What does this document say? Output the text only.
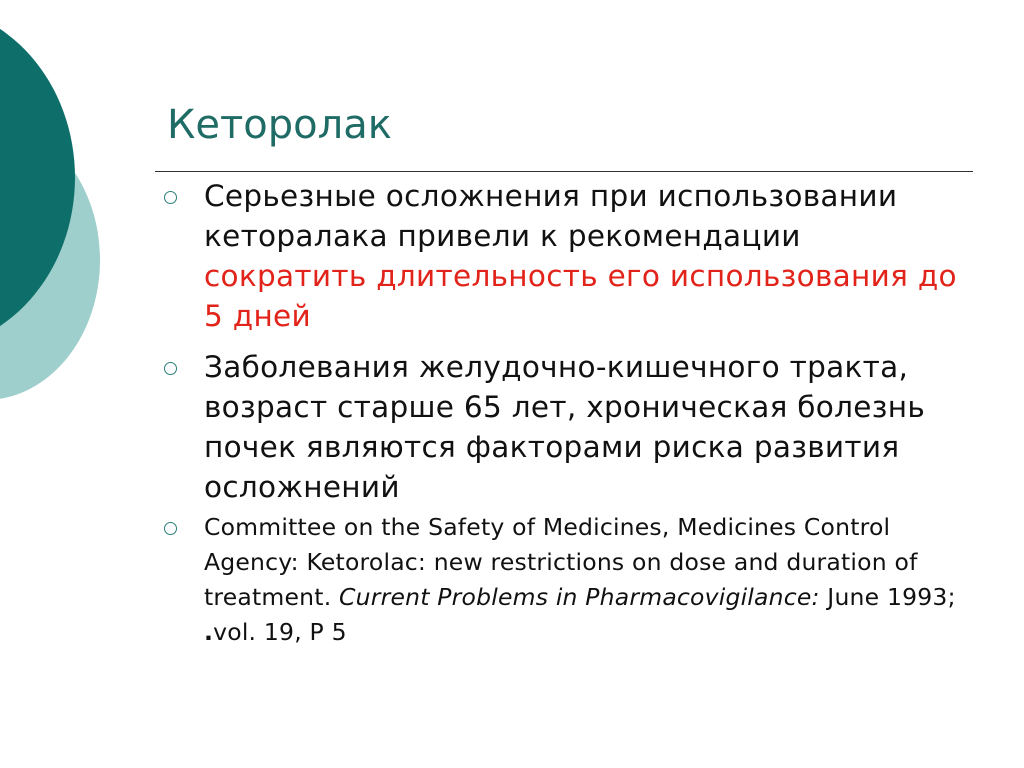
Кеторолак
Серьезные осложнения при использовании кеторалака привели к рекомендации сократить длительность его использования до 5 дней
Заболевания желудочно-кишечного тракта, возраст старше 65 лет, хроническая болезнь почек являются факторами риска развития осложнений
Committee on the Safety of Medicines, Medicines Control Agency: Ketorolac: new restrictions on dose and duration of treatment. Current Problems in Pharmacovigilance: June 1993; .vol. 19, P 5
